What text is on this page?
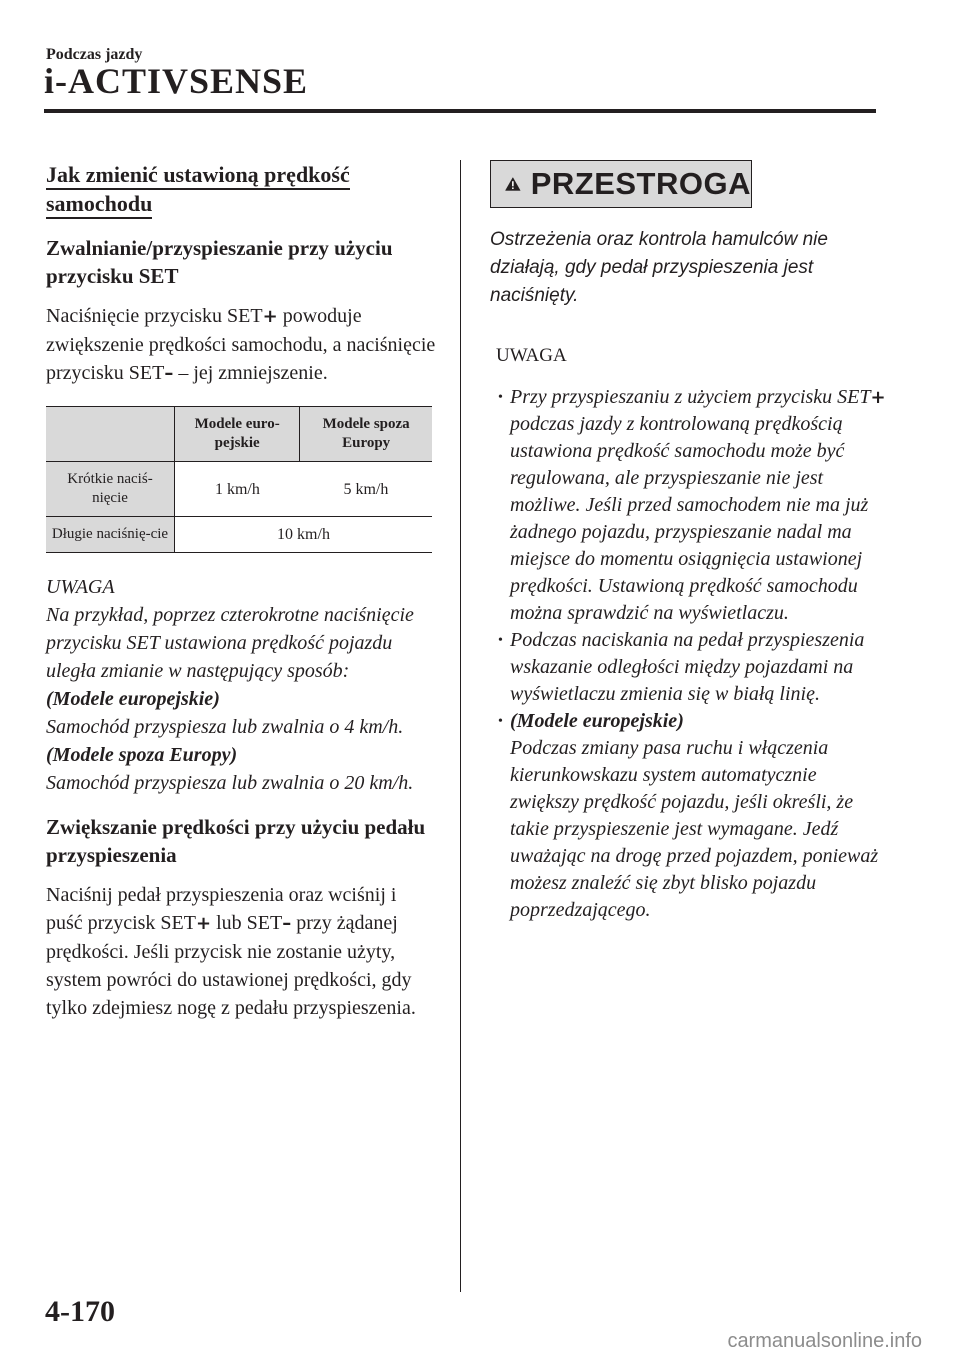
Podczas jazdy
i-ACTIVSENSE
Jak zmienić ustawioną prędkość samochodu
Zwalnianie/przyspieszanie przy użyciu przycisku SET

Naciśnięcie przycisku SET+ powoduje zwiększenie prędkości samochodu, a naciśnięcie przycisku SET– – jej zmniejszenie.

	Modele euro-pejskie	Modele spoza Europy
Krótkie naciś-nięcie	1 km/h	5 km/h
Długie naciśnię-cie	10 km/h	
UWAGA
Na przykład, poprzez czterokrotne naciśnięcie przycisku SET ustawiona prędkość pojazdu uległa zmianie w następujący sposób:
(Modele europejskie)
Samochód przyspiesza lub zwalnia o 4 km/h.
(Modele spoza Europy)
Samochód przyspiesza lub zwalnia o 20 km/h.
Zwiększanie prędkości przy użyciu pedału przyspieszenia

Naciśnij pedał przyspieszenia oraz wciśnij i puść przycisk SET+ lub SET– przy żądanej prędkości. Jeśli przycisk nie zostanie użyty, system powróci do ustawionej prędkości, gdy tylko zdejmiesz nogę z pedału przyspieszenia.

PRZESTROGA
Ostrzeżenia oraz kontrola hamulców nie działają, gdy pedał przyspieszenia jest naciśnięty.
UWAGA
• Przy przyspieszaniu z użyciem przycisku SET+ podczas jazdy z kontrolowaną prędkością ustawiona prędkość samochodu może być regulowana, ale przyspieszanie nie jest możliwe. Jeśli przed samochodem nie ma już żadnego pojazdu, przyspieszanie nadal ma miejsce do momentu osiągnięcia ustawionej prędkości. Ustawioną prędkość samochodu można sprawdzić na wyświetlaczu.
• Podczas naciskania na pedał przyspieszenia wskazanie odległości między pojazdami na wyświetlaczu zmienia się w białą linię.
• (Modele europejskie)
Podczas zmiany pasa ruchu i włączenia kierunkowskazu system automatycznie zwiększy prędkość pojazdu, jeśli określi, że takie przyspieszenie jest wymagane. Jedź uważając na drogę przed pojazdem, ponieważ możesz znaleźć się zbyt blisko pojazdu poprzedzającego.
4-170
carmanualsonline.info
